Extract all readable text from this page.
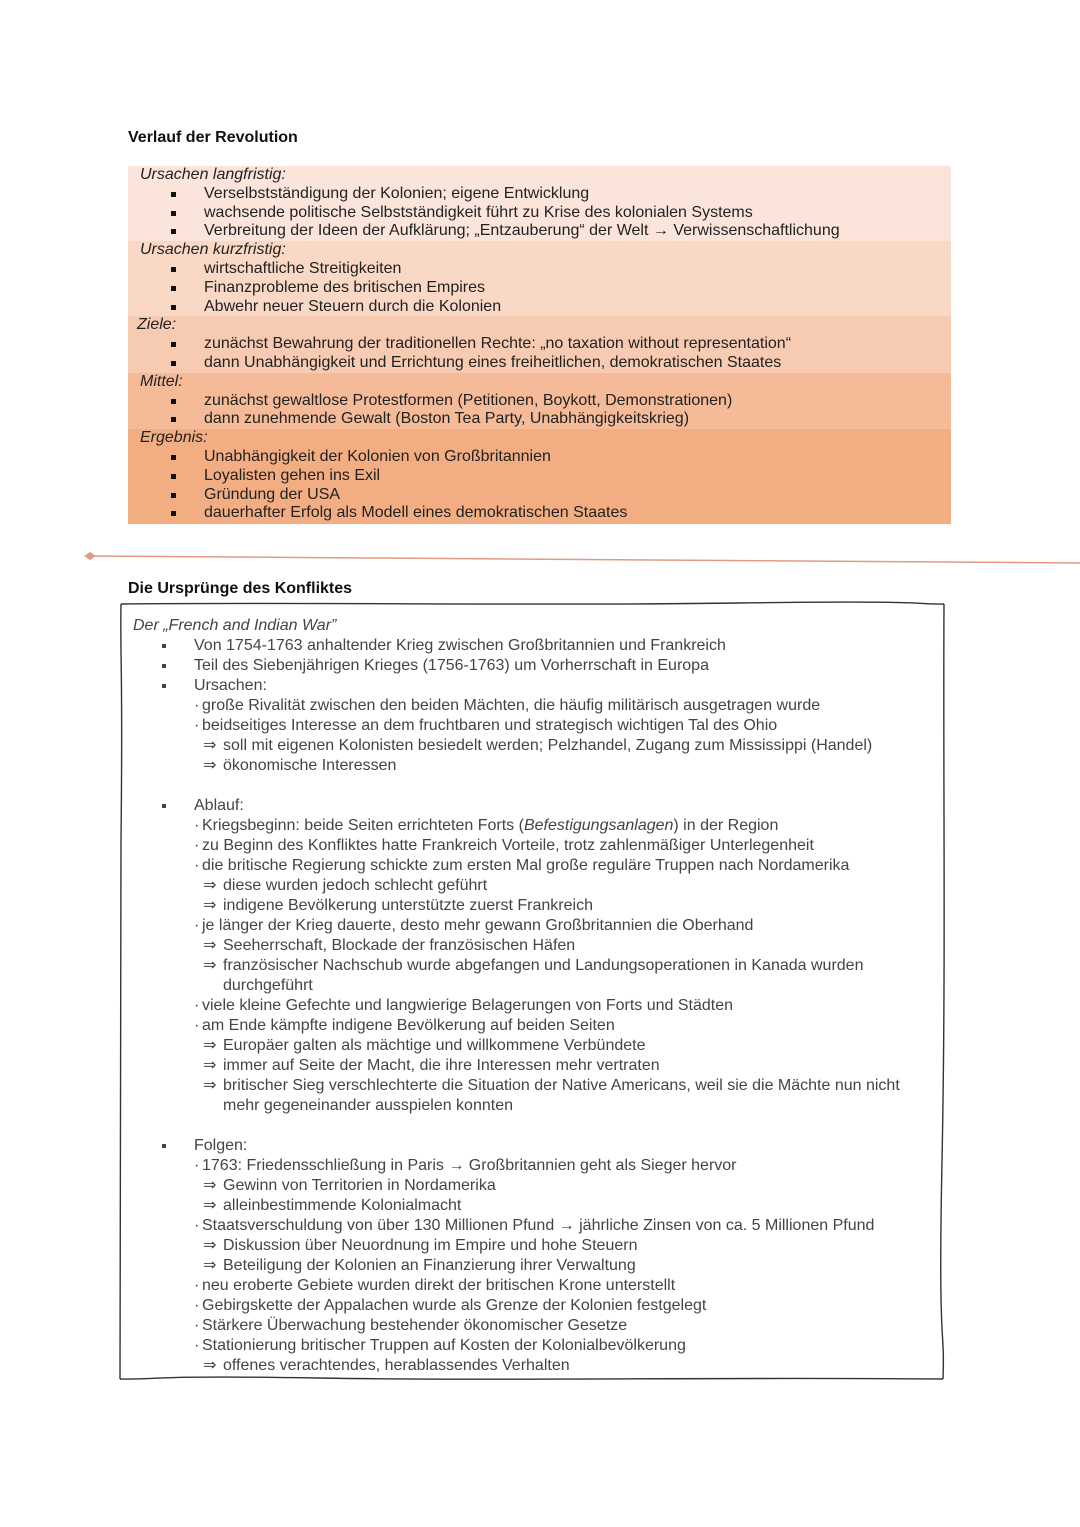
Verlauf der Revolution
Ursachen langfristig:
Verselbstständigung der Kolonien; eigene Entwicklung
wachsende politische Selbstständigkeit führt zu Krise des kolonialen Systems
Verbreitung der Ideen der Aufklärung; „Entzauberung“ der Welt → Verwissenschaftlichung
Ursachen kurzfristig:
wirtschaftliche Streitigkeiten
Finanzprobleme des britischen Empires
Abwehr neuer Steuern durch die Kolonien
Ziele:
zunächst Bewahrung der traditionellen Rechte: „no taxation without representation“
dann Unabhängigkeit und Errichtung eines freiheitlichen, demokratischen Staates
Mittel:
zunächst gewaltlose Protestformen (Petitionen, Boykott, Demonstrationen)
dann zunehmende Gewalt (Boston Tea Party, Unabhängigkeitskrieg)
Ergebnis:
Unabhängigkeit der Kolonien von Großbritannien
Loyalisten gehen ins Exil
Gründung der USA
dauerhafter Erfolg als Modell eines demokratischen Staates
Die Ursprünge des Konfliktes
Der „French and Indian War”
Von 1754-1763 anhaltender Krieg zwischen Großbritannien und Frankreich
Teil des Siebenjährigen Krieges (1756-1763) um Vorherrschaft in Europa
Ursachen:
· große Rivalität zwischen den beiden Mächten, die häufig militärisch ausgetragen wurde
· beidseitiges Interesse an dem fruchtbaren und strategisch wichtigen Tal des Ohio
⇒ soll mit eigenen Kolonisten besiedelt werden; Pelzhandel, Zugang zum Mississippi (Handel)
⇒ ökonomische Interessen
Ablauf:
· Kriegsbeginn: beide Seiten errichteten Forts (Befestigungsanlagen) in der Region
· zu Beginn des Konfliktes hatte Frankreich Vorteile, trotz zahlenmäßiger Unterlegenheit
· die britische Regierung schickte zum ersten Mal große reguläre Truppen nach Nordamerika
⇒ diese wurden jedoch schlecht geführt
⇒ indigene Bevölkerung unterstützte zuerst Frankreich
· je länger der Krieg dauerte, desto mehr gewann Großbritannien die Oberhand
⇒ Seeherrschaft, Blockade der französischen Häfen
⇒ französischer Nachschub wurde abgefangen und Landungsoperationen in Kanada wurden durchgeführt
· viele kleine Gefechte und langwierige Belagerungen von Forts und Städten
· am Ende kämpfte indigene Bevölkerung auf beiden Seiten
⇒ Europäer galten als mächtige und willkommene Verbündete
⇒ immer auf Seite der Macht, die ihre Interessen mehr vertraten
⇒ britischer Sieg verschlechterte die Situation der Native Americans, weil sie die Mächte nun nicht mehr gegeneinander ausspielen konnten
Folgen:
· 1763: Friedensschließung in Paris → Großbritannien geht als Sieger hervor
⇒ Gewinn von Territorien in Nordamerika
⇒ alleinbestimmende Kolonialmacht
· Staatsverschuldung von über 130 Millionen Pfund → jährliche Zinsen von ca. 5 Millionen Pfund
⇒ Diskussion über Neuordnung im Empire und hohe Steuern
⇒ Beteiligung der Kolonien an Finanzierung ihrer Verwaltung
· neu eroberte Gebiete wurden direkt der britischen Krone unterstellt
· Gebirgskette der Appalachen wurde als Grenze der Kolonien festgelegt
· Stärkere Überwachung bestehender ökonomischer Gesetze
· Stationierung britischer Truppen auf Kosten der Kolonialbevölkerung
⇒ offenes verachtendes, herablassendes Verhalten
